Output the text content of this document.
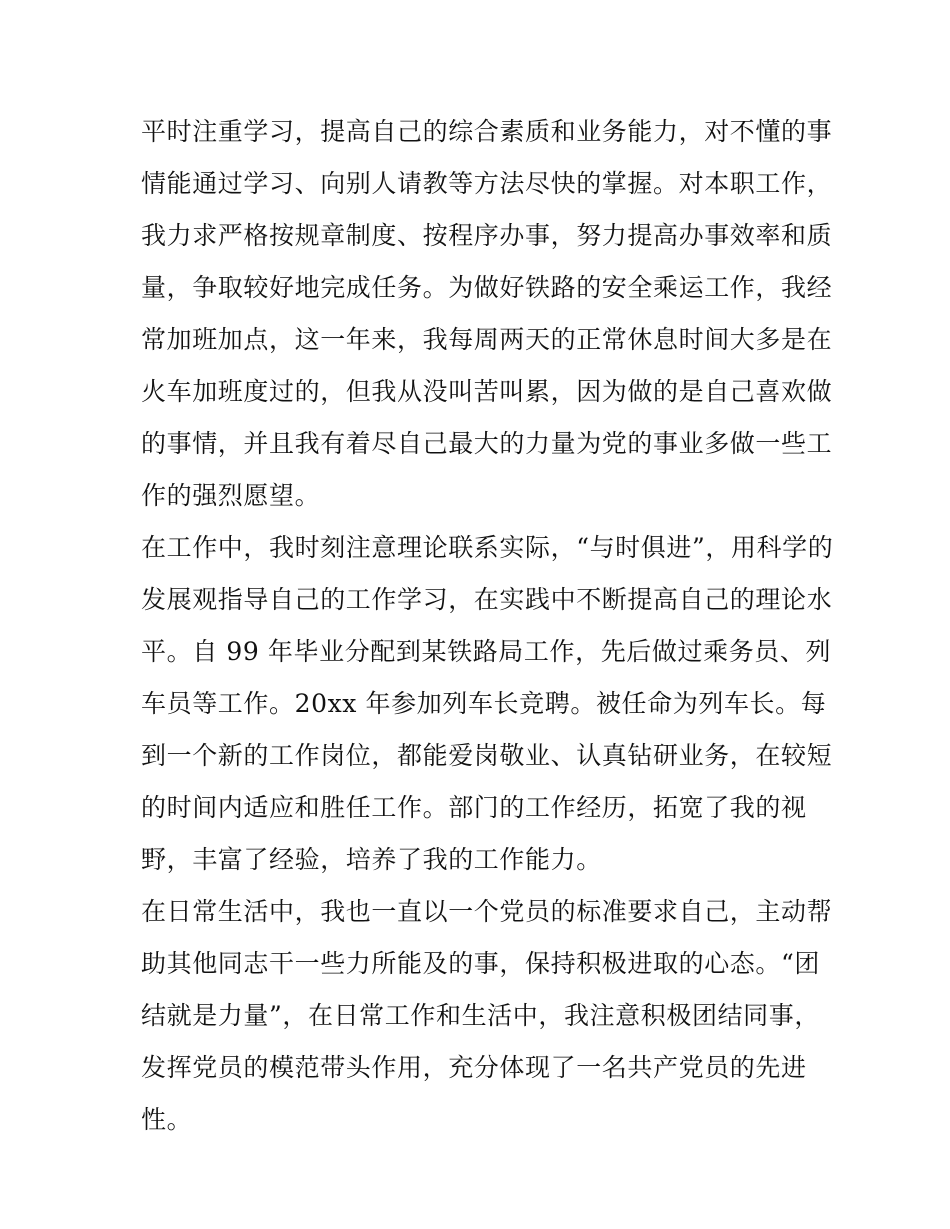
平时注重学习，提高自己的综合素质和业务能力，对不懂的事
情能通过学习、向别人请教等方法尽快的掌握。对本职工作，
我力求严格按规章制度、按程序办事，努力提高办事效率和质
量，争取较好地完成任务。为做好铁路的安全乘运工作，我经
常加班加点，这一年来，我每周两天的正常休息时间大多是在
火车加班度过的，但我从没叫苦叫累，因为做的是自己喜欢做
的事情，并且我有着尽自己最大的力量为党的事业多做一些工
作的强烈愿望。
在工作中，我时刻注意理论联系实际，“与时俱进”，用科学的
发展观指导自己的工作学习，在实践中不断提高自己的理论水
平。自 99 年毕业分配到某铁路局工作，先后做过乘务员、列
车员等工作。20xx 年参加列车长竞聘。被任命为列车长。每
到一个新的工作岗位，都能爱岗敬业、认真钻研业务，在较短
的时间内适应和胜任工作。部门的工作经历，拓宽了我的视
野，丰富了经验，培养了我的工作能力。
在日常生活中，我也一直以一个党员的标准要求自己，主动帮
助其他同志干一些力所能及的事，保持积极进取的心态。“团
结就是力量”，在日常工作和生活中，我注意积极团结同事，
发挥党员的模范带头作用，充分体现了一名共产党员的先进
性。
